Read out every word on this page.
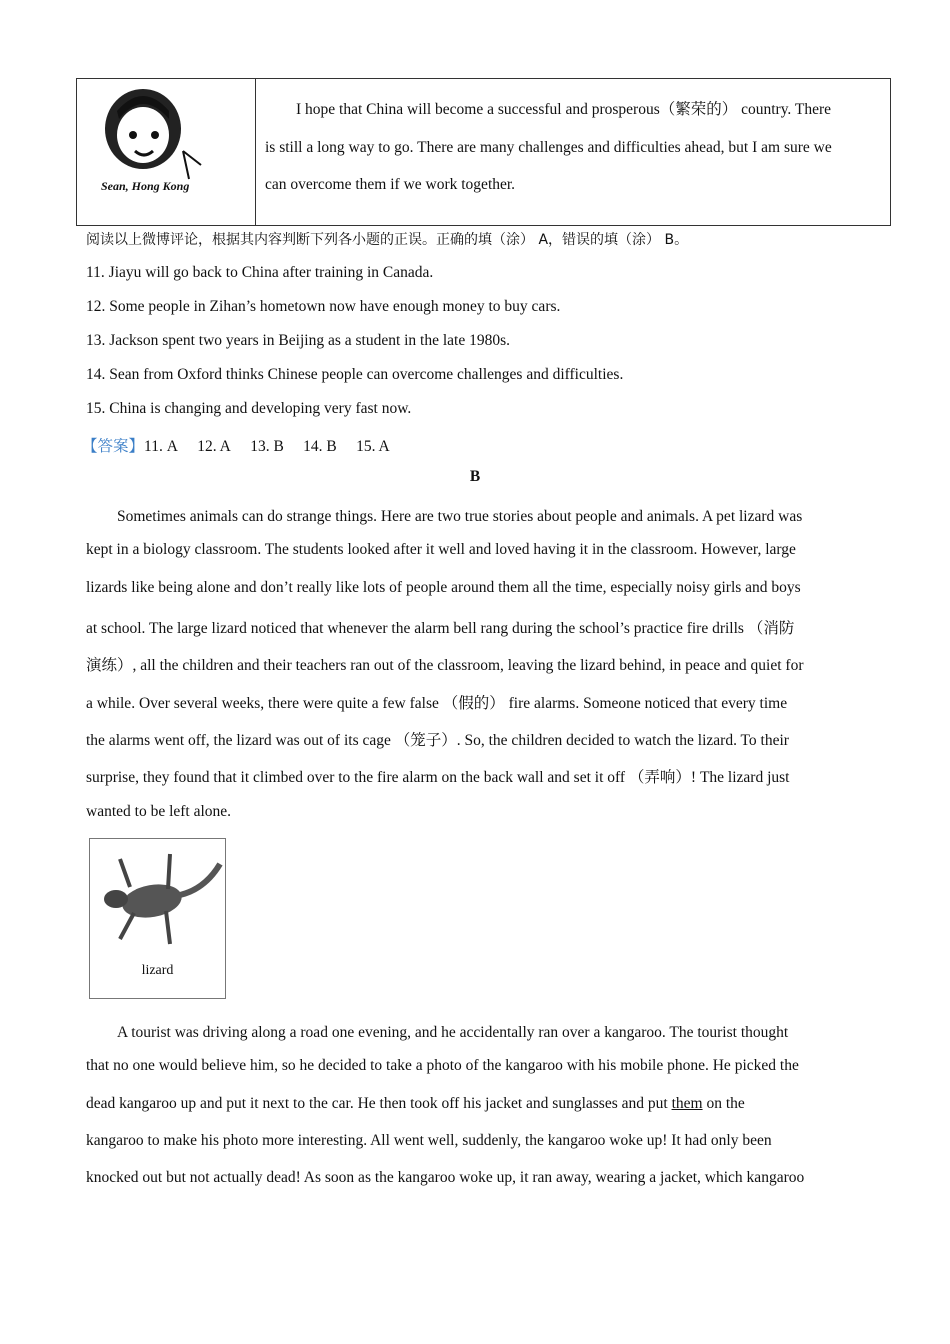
Sean, Hong Kong
　　I hope that China will become a successful and prosperous（繁荣的） country. There
is still a long way to go. There are many challenges and difficulties ahead, but I am sure we
can overcome them if we work together.
阅读以上微博评论，根据其内容判断下列各小题的正误。正确的填（涂） A，错误的填（涂） B。
11. Jiayu will go back to China after training in Canada.
12. Some people in Zihan’s hometown now have enough money to buy cars.
13. Jackson spent two years in Beijing as a student in the late 1980s.
14. Sean from Oxford thinks Chinese people can overcome challenges and difficulties.
15. China is changing and developing very fast now.
【答案】11. A  12. A  13. B  14. B  15. A
B
　　Sometimes animals can do strange things. Here are two true stories about people and animals. A pet lizard was
kept in a biology classroom. The students looked after it well and loved having it in the classroom. However, large
lizards like being alone and don’t really like lots of people around them all the time, especially noisy girls and boys
at school. The large lizard noticed that whenever the alarm bell rang during the school’s practice fire drills （消防
演练）, all the children and their teachers ran out of the classroom, leaving the lizard behind, in peace and quiet for
a while. Over several weeks, there were quite a few false （假的） fire alarms. Someone noticed that every time
the alarms went off, the lizard was out of its cage （笼子）. So, the children decided to watch the lizard. To their
surprise, they found that it climbed over to the fire alarm on the back wall and set it off （弄响）! The lizard just
wanted to be left alone.
lizard
　　A tourist was driving along a road one evening, and he accidentally ran over a kangaroo. The tourist thought
that no one would believe him, so he decided to take a photo of the kangaroo with his mobile phone. He picked the
dead kangaroo up and put it next to the car. He then took off his jacket and sunglasses and put them on the
kangaroo to make his photo more interesting. All went well, suddenly, the kangaroo woke up! It had only been
knocked out but not actually dead! As soon as the kangaroo woke up, it ran away, wearing a jacket, which kangaroo
